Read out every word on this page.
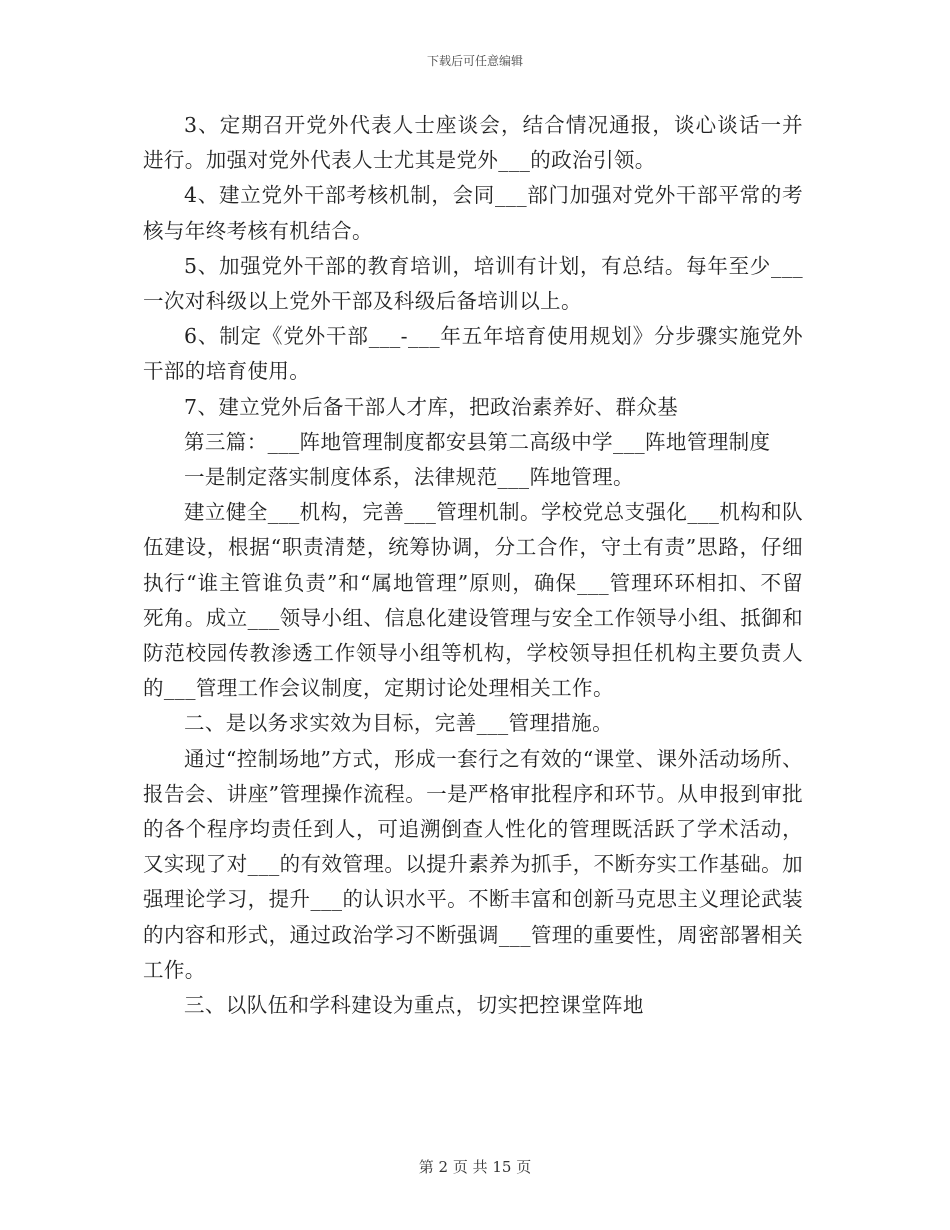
下载后可任意编辑

3、定期召开党外代表人士座谈会，结合情况通报，谈心谈话一并进行。加强对党外代表人士尤其是党外___的政治引领。

4、建立党外干部考核机制，会同___部门加强对党外干部平常的考核与年终考核有机结合。

5、加强党外干部的教育培训，培训有计划，有总结。每年至少___一次对科级以上党外干部及科级后备培训以上。

6、制定《党外干部___-___年五年培育使用规划》分步骤实施党外干部的培育使用。

7、建立党外后备干部人才库，把政治素养好、群众基

第三篇：___阵地管理制度都安县第二高级中学___阵地管理制度

一是制定落实制度体系，法律规范___阵地管理。

建立健全___机构，完善___管理机制。学校党总支强化___机构和队伍建设，根据“职责清楚，统筹协调，分工合作，守土有责”思路，仔细执行“谁主管谁负责”和“属地管理”原则，确保___管理环环相扣、不留死角。成立___领导小组、信息化建设管理与安全工作领导小组、抵御和防范校园传教渗透工作领导小组等机构，学校领导担任机构主要负责人的___管理工作会议制度，定期讨论处理相关工作。

二、是以务求实效为目标，完善___管理措施。

通过“控制场地”方式，形成一套行之有效的“课堂、课外活动场所、报告会、讲座”管理操作流程。一是严格审批程序和环节。从申报到审批的各个程序均责任到人，可追溯倒查人性化的管理既活跃了学术活动，又实现了对___的有效管理。以提升素养为抓手，不断夯实工作基础。加强理论学习，提升___的认识水平。不断丰富和创新马克思主义理论武装的内容和形式，通过政治学习不断强调___管理的重要性，周密部署相关工作。

三、以队伍和学科建设为重点，切实把控课堂阵地

第 2 页 共 15 页
